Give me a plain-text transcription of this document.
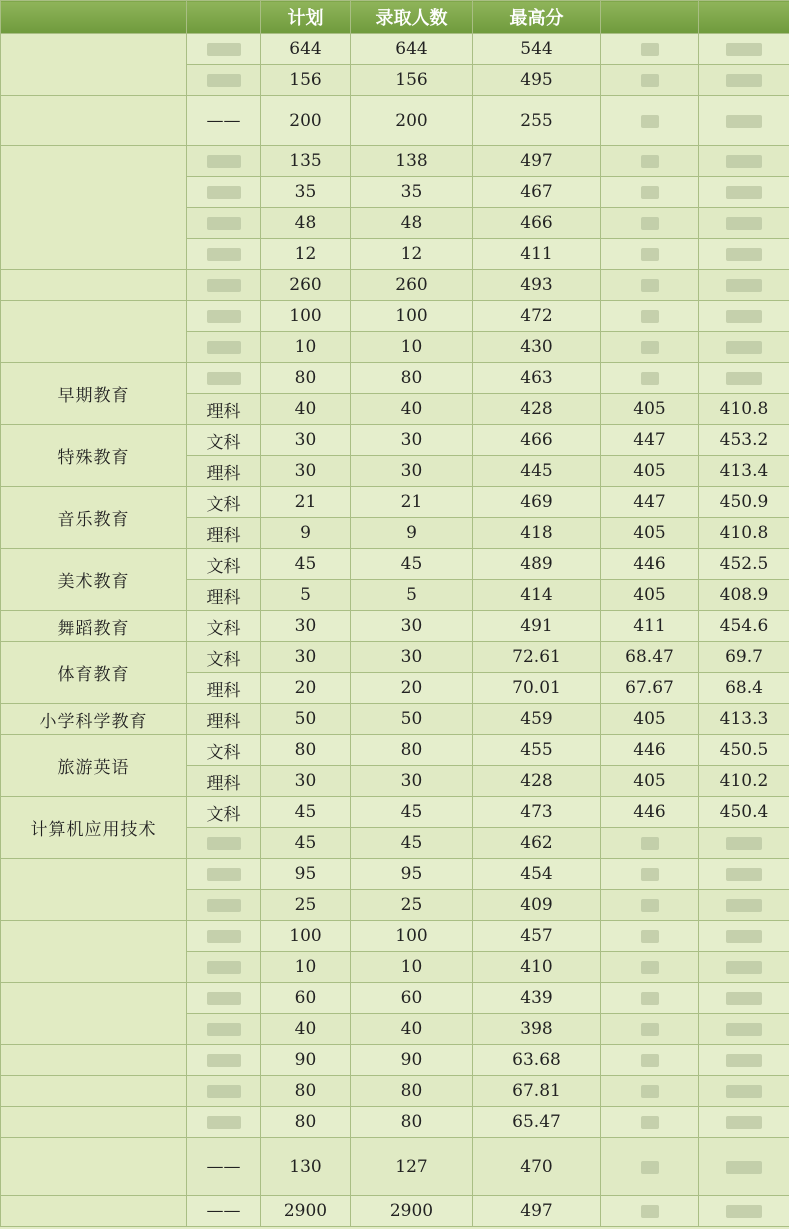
		计划	录取人数	最高分		
		644	644	544		
		156	156	495		
	——	200	200	255		
		135	138	497		
		35	35	467		
		48	48	466		
		12	12	411		
		260	260	493		
		100	100	472		
		10	10	430		
早期教育		80	80	463		
	理科	40	40	428	405	410.8
特殊教育	文科	30	30	466	447	453.2
	理科	30	30	445	405	413.4
音乐教育	文科	21	21	469	447	450.9
	理科	9	9	418	405	410.8
美术教育	文科	45	45	489	446	452.5
	理科	5	5	414	405	408.9
舞蹈教育	文科	30	30	491	411	454.6
体育教育	文科	30	30	72.61	68.47	69.7
	理科	20	20	70.01	67.67	68.4
小学科学教育	理科	50	50	459	405	413.3
旅游英语	文科	80	80	455	446	450.5
	理科	30	30	428	405	410.2
计算机应用技术	文科	45	45	473	446	450.4
		45	45	462		
		95	95	454		
		25	25	409		
		100	100	457		
		10	10	410		
		60	60	439		
		40	40	398		
		90	90	63.68		
		80	80	67.81		
		80	80	65.47		
	——	130	127	470		
	——	2900	2900	497		
